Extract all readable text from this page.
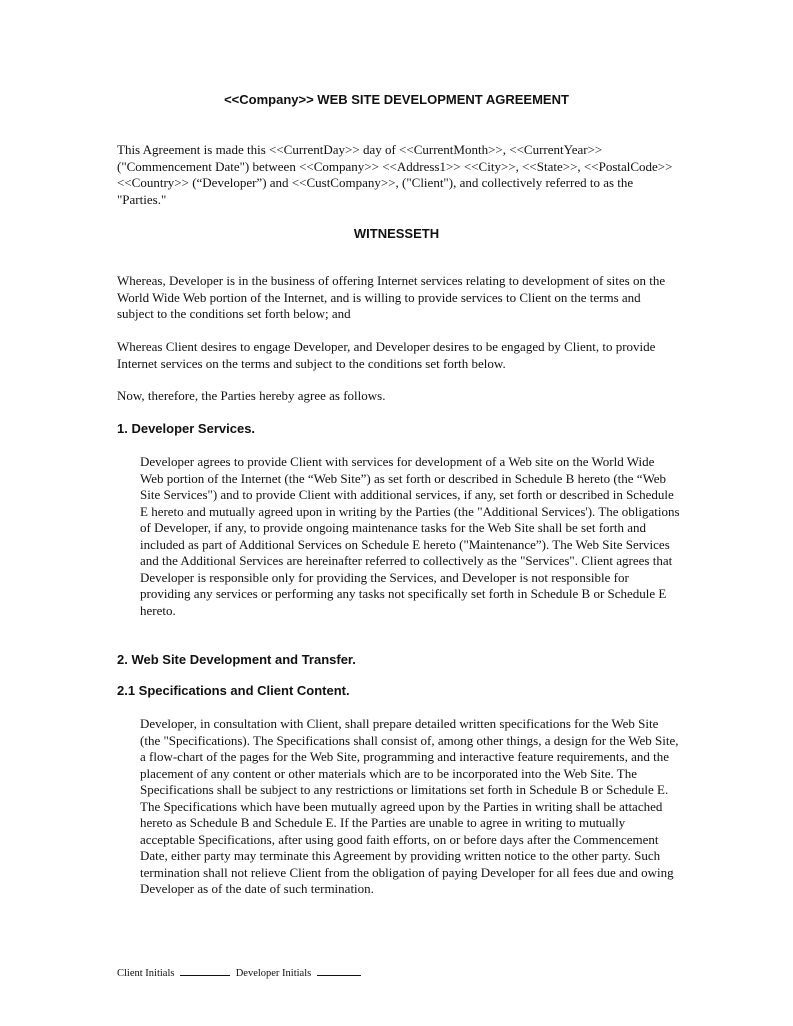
<<Company>> WEB SITE DEVELOPMENT AGREEMENT

This Agreement is made this <<CurrentDay>> day of <<CurrentMonth>>, <<CurrentYear>> ("Commencement Date") between <<Company>> <<Address1>> <<City>>, <<State>>, <<PostalCode>> <<Country>> (“Developer”) and <<CustCompany>>, ("Client"), and collectively referred to as the "Parties."

WITNESSETH

Whereas, Developer is in the business of offering Internet services relating to development of sites on the World Wide Web portion of the Internet, and is willing to provide services to Client on the terms and subject to the conditions set forth below; and

Whereas Client desires to engage Developer, and Developer desires to be engaged by Client, to provide Internet services on the terms and subject to the conditions set forth below.

Now, therefore, the Parties hereby agree as follows.

1. Developer Services.

Developer agrees to provide Client with services for development of a Web site on the World Wide Web portion of the Internet (the “Web Site”) as set forth or described in Schedule B hereto (the “Web Site Services") and to provide Client with additional services, if any, set forth or described in Schedule E hereto and mutually agreed upon in writing by the Parties (the "Additional Services'). The obligations of Developer, if any, to provide ongoing maintenance tasks for the Web Site shall be set forth and included as part of Additional Services on Schedule E hereto ("Maintenance”). The Web Site Services and the Additional Services are hereinafter referred to collectively as the "Services". Client agrees that Developer is responsible only for providing the Services, and Developer is not responsible for providing any services or performing any tasks not specifically set forth in Schedule B or Schedule E hereto.

2. Web Site Development and Transfer.
2.1 Specifications and Client Content.

Developer, in consultation with Client, shall prepare detailed written specifications for the Web Site (the "Specifications). The Specifications shall consist of, among other things, a design for the Web Site, a flow-chart of the pages for the Web Site, programming and interactive feature requirements, and the placement of any content or other materials which are to be incorporated into the Web Site. The Specifications shall be subject to any restrictions or limitations set forth in Schedule B or Schedule E. The Specifications which have been mutually agreed upon by the Parties in writing shall be attached hereto as Schedule B and Schedule E. If the Parties are unable to agree in writing to mutually acceptable Specifications, after using good faith efforts, on or before days after the Commencement Date, either party may terminate this Agreement by providing written notice to the other party. Such termination shall not relieve Client from the obligation of paying Developer for all fees due and owing Developer as of the date of such termination.

Client Initials	Developer Initials
